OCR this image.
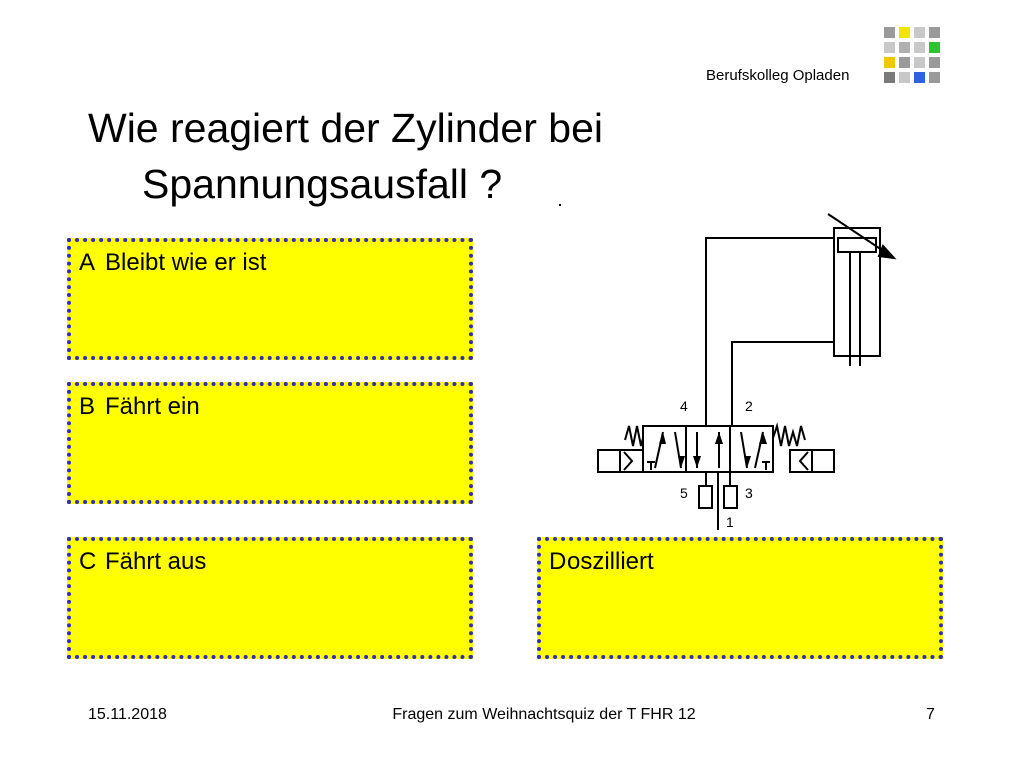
Berufskolleg Opladen
Wie reagiert der Zylinder bei
Spannungsausfall ?
A Bleibt wie er ist
B Fährt ein
C Fährt aus	Doszilliert
4	2
5	3
1
15.11.2018	Fragen zum Weihnachtsquiz der T FHR 12	7
